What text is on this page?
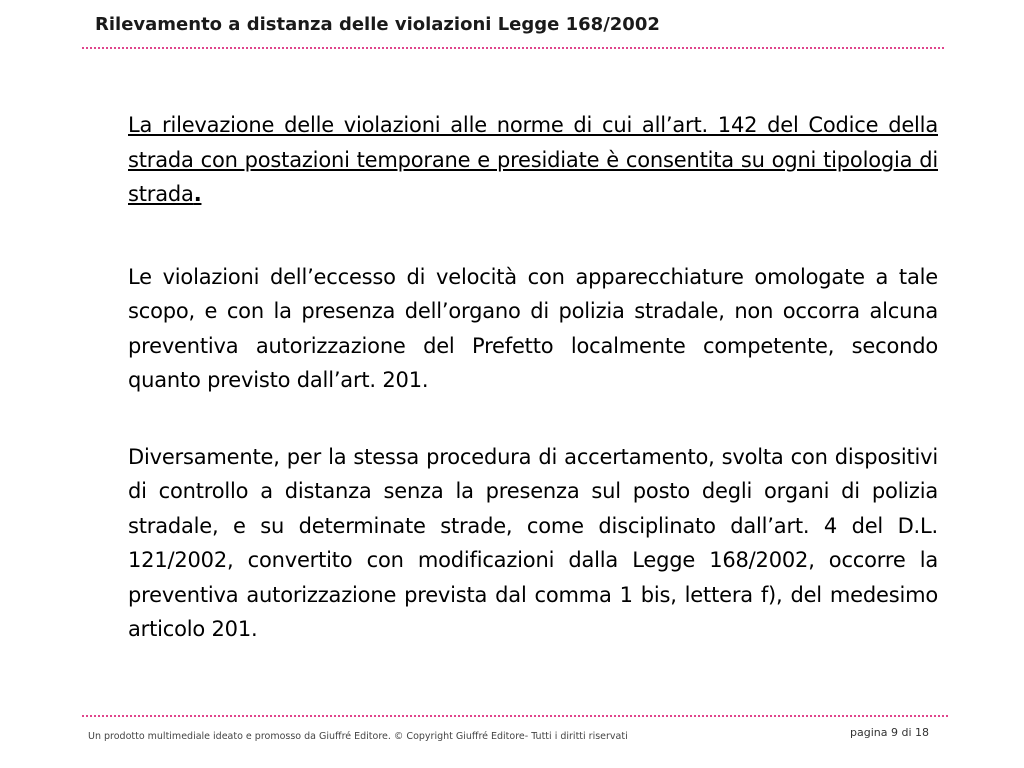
Rilevamento a distanza delle violazioni Legge 168/2002

La rilevazione delle violazioni alle norme di cui all’art. 142 del Codice della strada con postazioni temporane e presidiate è consentita su ogni tipologia di strada.

Le violazioni dell’eccesso di velocità con apparecchiature omologate a tale scopo, e con la presenza dell’organo di polizia stradale, non occorra alcuna preventiva autorizzazione del Prefetto localmente competente, secondo quanto previsto dall’art. 201.

Diversamente, per la stessa procedura di accertamento, svolta con dispositivi di controllo a distanza senza la presenza sul posto degli organi di polizia stradale, e su determinate strade, come disciplinato dall’art. 4 del D.L. 121/2002, convertito con modificazioni dalla Legge 168/2002, occorre la preventiva autorizzazione prevista dal comma 1 bis, lettera f), del medesimo articolo 201.

Un prodotto multimediale ideato e promosso da Giuffré Editore. © Copyright Giuffré Editore- Tutti i diritti riservati	pagina 9 di 18
